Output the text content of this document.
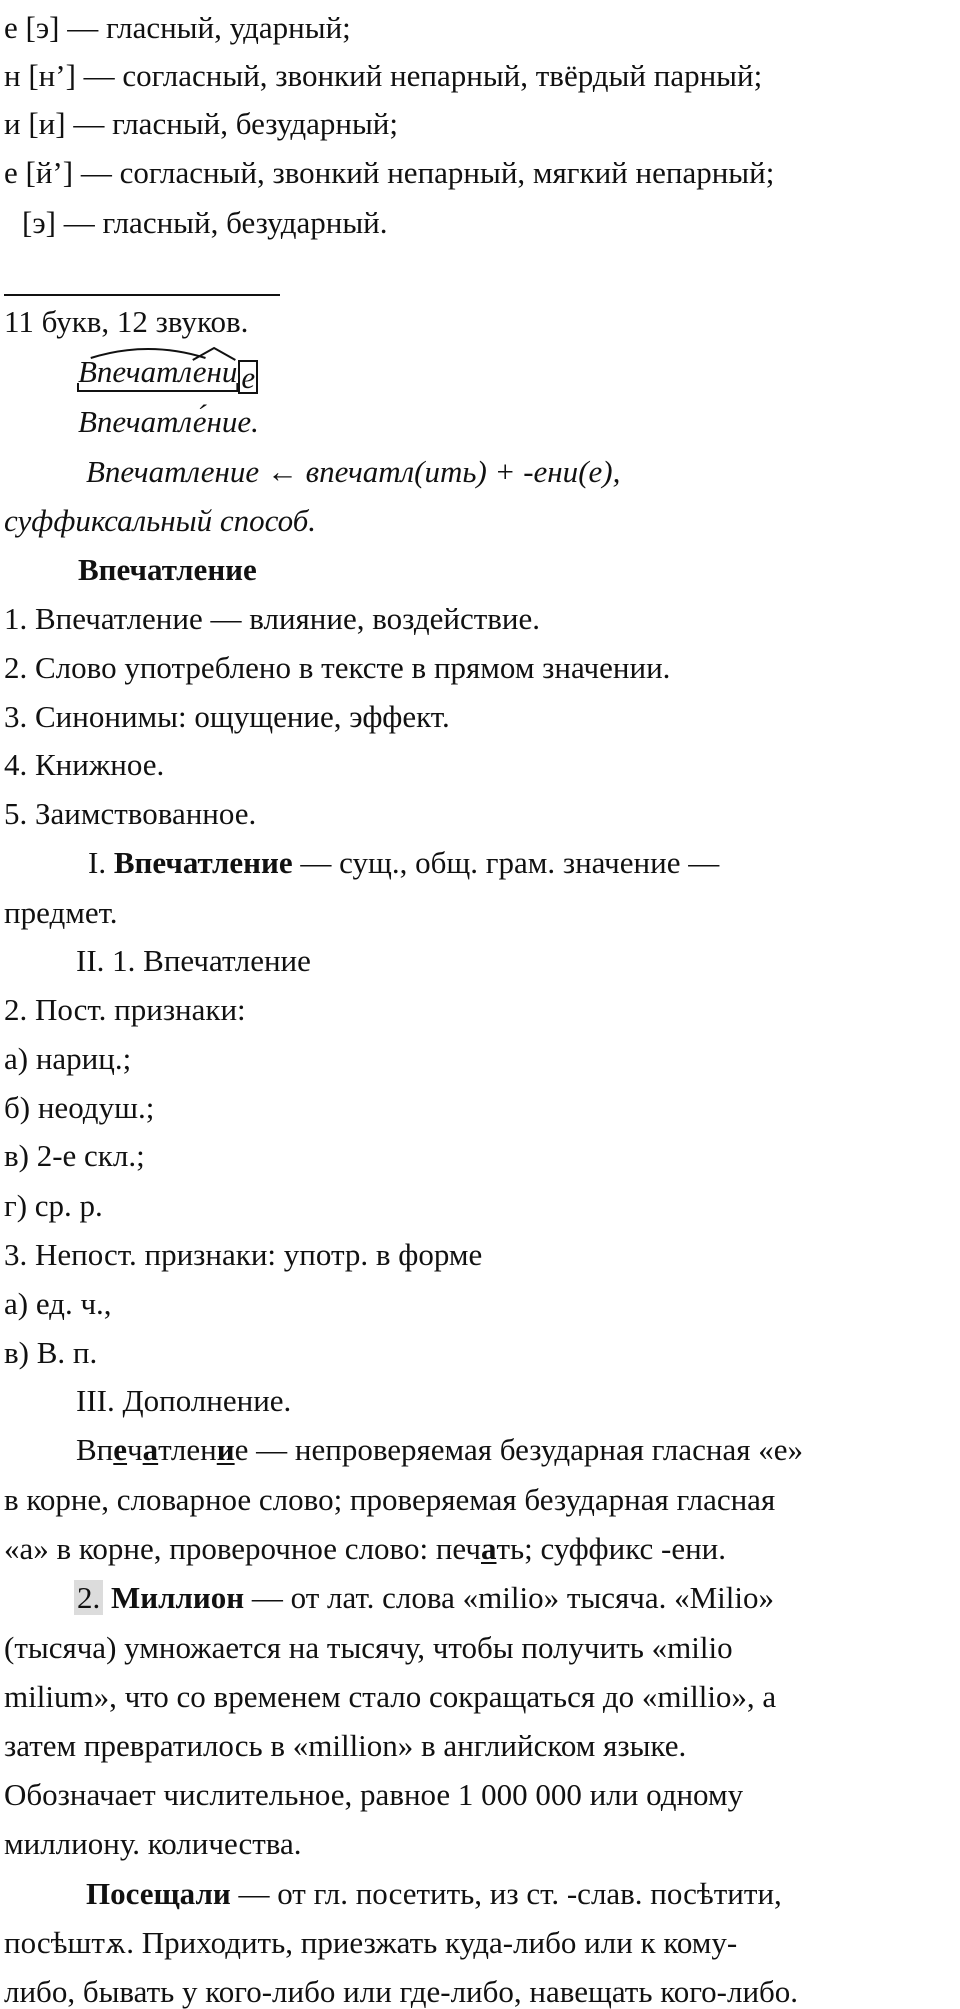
е [э] — гласный, ударный;
н [н’] — согласный, звонкий непарный, твёрдый парный;
и [и] — гласный, безударный;
е [й’] — согласный, звонкий непарный, мягкий непарный;
[э] — гласный, безударный.
11 букв, 12 звуков.
Впечатлени е
Впечатле́ние.
Впечатление ← впечатл(ить) + -ени(е),
суффиксальный способ.
Впечатление
1. Впечатление — влияние, воздействие.
2. Слово употреблено в тексте в прямом значении.
3. Синонимы: ощущение, эффект.
4. Книжное.
5. Заимствованное.
I. Впечатление — сущ., общ. грам. значение —
предмет.
II. 1. Впечатление
2. Пост. признаки:
а) нариц.;
б) неодуш.;
в) 2-е скл.;
г) ср. р.
3. Непост. признаки: употр. в форме
а) ед. ч.,
в) В. п.
III. Дополнение.
Впечатление — непроверяемая безударная гласная «е»
в корне, словарное слово; проверяемая безударная гласная
«а» в корне, проверочное слово: печать; суффикс -ени.
2. Миллион — от лат. слова «milio» тысяча. «Milio»
(тысяча) умножается на тысячу, чтобы получить «milio
milium», что со временем стало сокращаться до «millio», а
затем превратилось в «million» в английском языке.
Обозначает числительное, равное 1 000 000 или одному
миллиону. количества.
Посещали — от гл. посетить, из ст. -слав. посѣтити,
посѣштѫ. Приходить, приезжать куда-либо или к кому-
либо, бывать у кого-либо или где-либо, навещать кого-либо.
